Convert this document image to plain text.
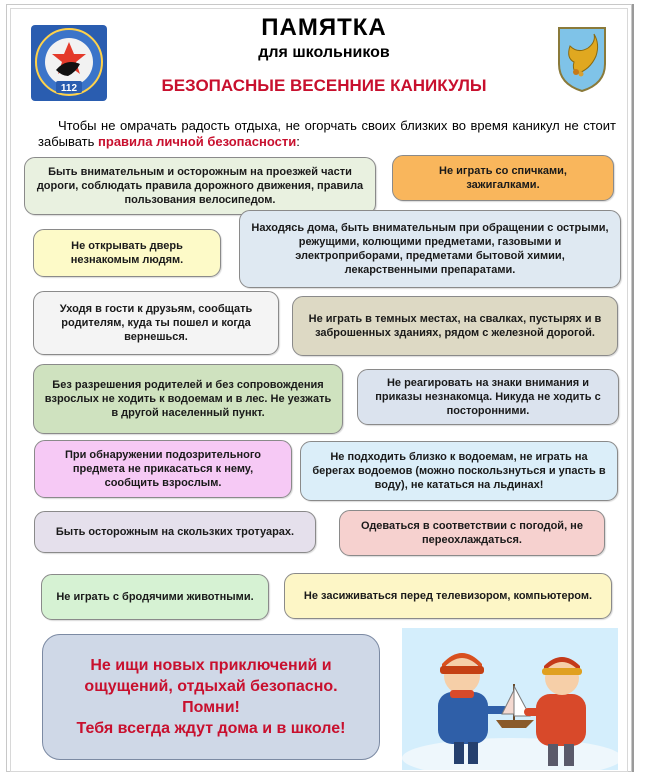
112
ПАМЯТКА
для школьников
БЕЗОПАСНЫЕ ВЕСЕННИЕ КАНИКУЛЫ
Чтобы не омрачать радость отдыха, не огорчать своих близких во время каникул не стоит забывать правила личной безопасности:
Быть внимательным и осторожным на проезжей части дороги, соблюдать правила дорожного движения, правила пользования велосипедом.
Не играть со спичками, зажигалками.
Не открывать дверь незнакомым людям.
Находясь дома, быть внимательным при обращении с острыми, режущими, колющими предметами, газовыми и электроприборами, предметами бытовой химии, лекарственными препаратами.
Уходя в гости к друзьям, сообщать родителям, куда ты пошел и когда вернешься.
Не играть в темных местах, на свалках, пустырях и в заброшенных зданиях, рядом с железной дорогой.
Без разрешения родителей и без сопровождения взрослых не ходить к водоемам и в лес. Не уезжать в другой населенный пункт.
Не реагировать на знаки внимания и приказы незнакомца. Никуда не ходить с посторонними.
При обнаружении подозрительного предмета не прикасаться к нему, сообщить взрослым.
Не подходить близко к водоемам, не играть на берегах водоемов (можно поскользнуться и упасть в воду), не кататься на льдинах!
Быть осторожным на скользких тротуарах.	Одеваться в соответствии с погодой, не переохлаждаться.
Не играть с бродячими животными.	Не засиживаться перед телевизором, компьютером.
Не ищи новых приключений и
ощущений, отдыхай безопасно.
Помни!
Тебя всегда ждут дома и в школе!
